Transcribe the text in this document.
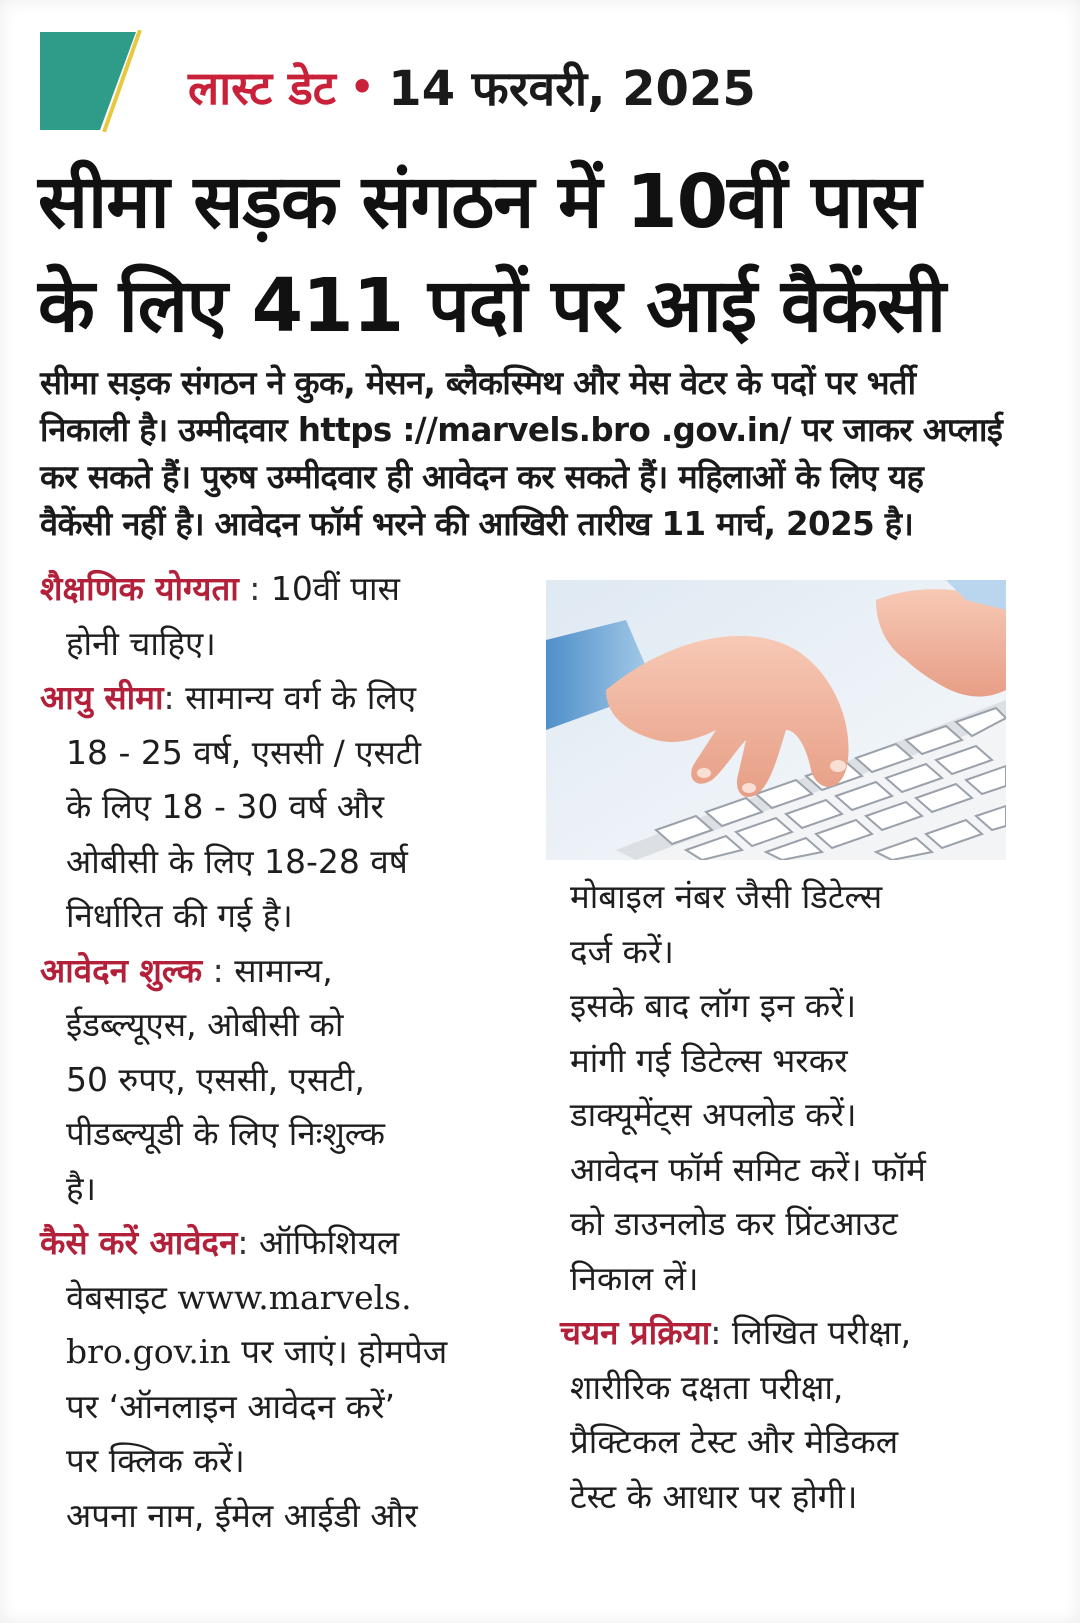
लास्ट डेट • 14 फरवरी, 2025
सीमा सड़क संगठन में 10वीं पास
के लिए 411 पदों पर आई वैकेंसी
सीमा सड़क संगठन ने कुक, मेसन, ब्लैकस्मिथ और मेस वेटर के पदों पर भर्ती
निकाली है। उम्मीदवार https ://marvels.bro .gov.in/ पर जाकर अप्लाई
कर सकते हैं। पुरुष उम्मीदवार ही आवेदन कर सकते हैं। महिलाओं के लिए यह
वैकेंसी नहीं है। आवेदन फॉर्म भरने की आखिरी तारीख 11 मार्च, 2025 है।
शैक्षणिक योग्यता : 10वीं पास
होनी चाहिए।
आयु सीमा: सामान्य वर्ग के लिए
18 - 25 वर्ष, एससी / एसटी
के लिए 18 - 30 वर्ष और
ओबीसी के लिए 18-28 वर्ष
निर्धारित की गई है।
आवेदन शुल्क : सामान्य,
ईडब्ल्यूएस, ओबीसी को
50 रुपए, एससी, एसटी,
पीडब्ल्यूडी के लिए निःशुल्क
है।
कैसे करें आवेदन: ऑफिशियल
वेबसाइट www.marvels.
bro.gov.in पर जाएं। होमपेज
पर ‘ऑनलाइन आवेदन करें’
पर क्लिक करें।
अपना नाम, ईमेल आईडी और
मोबाइल नंबर जैसी डिटेल्स
दर्ज करें।
इसके बाद लॉग इन करें।
मांगी गई डिटेल्स भरकर
डाक्यूमेंट्स अपलोड करें।
आवेदन फॉर्म समिट करें। फॉर्म
को डाउनलोड कर प्रिंटआउट
निकाल लें।
चयन प्रक्रिया: लिखित परीक्षा,
शारीरिक दक्षता परीक्षा,
प्रैक्टिकल टेस्ट और मेडिकल
टेस्ट के आधार पर होगी।
